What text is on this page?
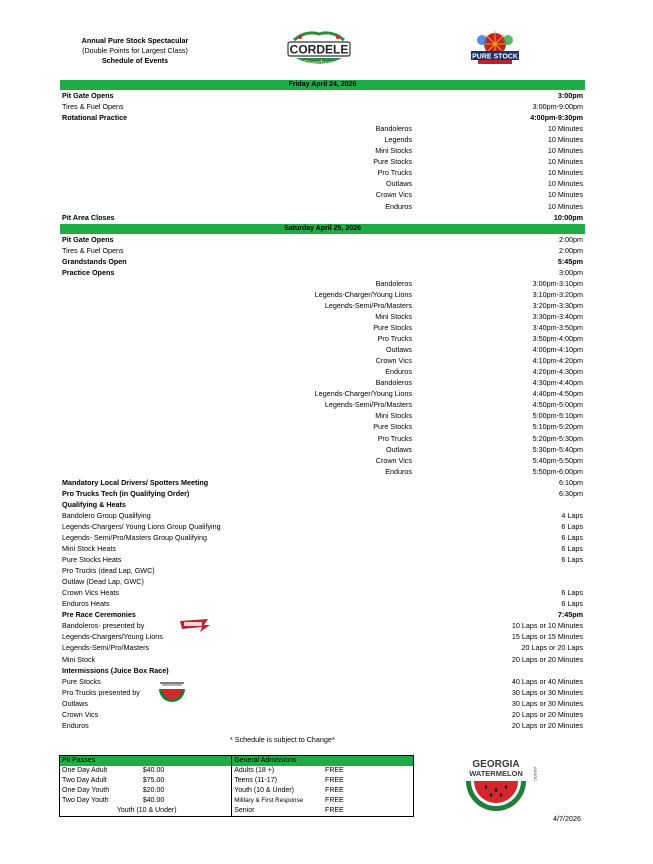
Annual Pure Stock Spectacular
(Double Points for Largest Class)
Schedule of Events
CORDELE
Speedway
PURE STOCK
Friday April 24, 2026
Pit Gate Opens	3:00pm
Tires & Fuel Opens	3:00pm-9:00pm
Rotational Practice	4:00pm-9:30pm
Bandoleros	10 Minutes
Legends	10 Minutes
Mini Stocks	10 Minutes
Pure Stocks	10 Minutes
Pro Trucks	10 Minutes
Outlaws	10 Minutes
Crown Vics	10 Minutes
Enduros	10 Minutes
Pit Area Closes	10:00pm
Saturday April 25, 2026
Pit Gate Opens	2:00pm
Tires & Fuel Opens	2:00pm
Grandstands Open	5:45pm
Practice Opens	3:00pm
Bandoleros	3:00pm-3:10pm
Legends-Charger/Young Lions	3:10pm-3:20pm
Legends-Semi/Pro/Masters	3:20pm-3:30pm
Mini Stocks	3:30pm-3:40pm
Pure Stocks	3:40pm-3:50pm
Pro Trucks	3:50pm-4:00pm
Outlaws	4:00pm-4:10pm
Crown Vics	4:10pm-4:20pm
Enduros	4:20pm-4:30pm
Bandoleros	4:30pm-4:40pm
Legends-Charger/Young Lions	4:40pm-4:50pm
Legends-Semi/Pro/Masters	4:50pm-5:00pm
Mini Stocks	5:00pm-5:10pm
Pure Stocks	5:10pm-5:20pm
Pro Trucks	5:20pm-5:30pm
Outlaws	5:30pm-5:40pm
Crown Vics	5:40pm-5:50pm
Enduros	5:50pm-6:00pm
Mandatory Local Drivers/ Spotters Meeting	6:10pm
Pro Trucks Tech (in Qualifying Order)	6:30pm
Qualifying & Heats
Bandolero Group Qualifying	4 Laps
Legends-Chargers/ Young Lions Group Qualifying	6 Laps
Legends- Semi/Pro/Masters Group Qualifying	6 Laps
Mini Stock Heats	6 Laps
Pure Stocks Heats	6 Laps
Pro Trucks (dead Lap, GWC)
Outlaw (Dead Lap, GWC)
Crown Vics Heats	6 Laps
Enduros Heats	6 Laps
Pre Race Ceremonies	7:45pm
Bandoleros- presented by	10 Laps or 10 Minutes
Legends-Chargers/Young Lions	15 Laps or 15 Minutes
Legends-Semi/Pro/Masters	20 Laps or 20 Laps
Mini Stock	20 Laps or 20 Minutes
Intermissions (Juice Box Race)
Pure Stocks	40 Laps or 40 Minutes
Pro Trucks presented by	30 Laps or 30 Minutes
Outlaws	30 Laps or 30 Minutes
Crown Vics	20 Laps or 20 Minutes
Enduros	20 Laps or 20 Minutes
* Schedule is subject to Change*
Pit Passes	General Admissions
One Day Adult	$40.00	Adults (18 +)	FREE
Two Day Adult	$75.00	Teens (11-17)	FREE
One Day Youth	$20.00	Youth (10 & Under)	FREE
Two Day Youth	$40.00	Military & First Response	FREE
	Youth (10 & Under)	Senior	FREE
GEORGIA
WATERMELON	ASSOC.
4/7/2026
